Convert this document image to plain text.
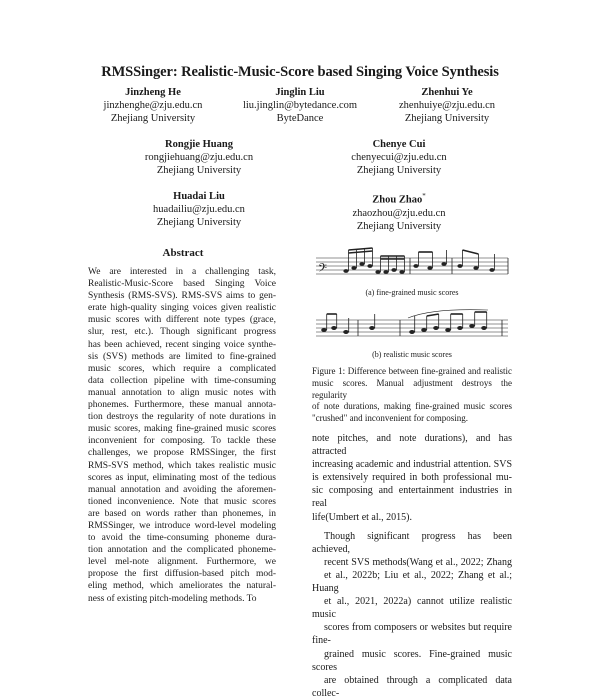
RMSSinger: Realistic-Music-Score based Singing Voice Synthesis
Jinzheng He
jinzhenghe@zju.edu.cn
Zhejiang University
Jinglin Liu
liu.jinglin@bytedance.com
ByteDance
Zhenhui Ye
zhenhuiye@zju.edu.cn
Zhejiang University
Rongjie Huang
rongjiehuang@zju.edu.cn
Zhejiang University
Chenye Cui
chenyecui@zju.edu.cn
Zhejiang University
Huadai Liu
huadailiu@zju.edu.cn
Zhejiang University
Zhou Zhao*
zhaozhou@zju.edu.cn
Zhejiang University
Abstract
We are interested in a challenging task,
Realistic-Music-Score based Singing Voice
Synthesis (RMS-SVS). RMS-SVS aims to gen-
erate high-quality singing voices given realistic
music scores with different note types (grace,
slur, rest, etc.). Though significant progress
has been achieved, recent singing voice synthe-
sis (SVS) methods are limited to fine-grained
music scores, which require a complicated
data collection pipeline with time-consuming
manual annotation to align music notes with
phonemes. Furthermore, these manual annota-
tion destroys the regularity of note durations in
music scores, making fine-grained music scores
inconvenient for composing. To tackle these
challenges, we propose RMSSinger, the first
RMS-SVS method, which takes realistic music
scores as input, eliminating most of the tedious
manual annotation and avoiding the aforemen-
tioned inconvenience. Note that music scores
are based on words rather than phonemes, in
RMSSinger, we introduce word-level modeling
to avoid the time-consuming phoneme dura-
tion annotation and the complicated phoneme-
level mel-note alignment. Furthermore, we
propose the first diffusion-based pitch mod-
eling method, which ameliorates the natural-
ness of existing pitch-modeling methods. To
𝄢
(a) fine-grained music scores
(b) realistic music scores
Figure 1: Difference between fine-grained and realistic
music scores. Manual adjustment destroys the regularity
of note durations, making fine-grained music scores
"crushed" and inconvenient for composing.

note pitches, and note durations), and has attracted
increasing academic and industrial attention. SVS
is extensively required in both professional mu-
sic composing and entertainment industries in real
life(Umbert et al., 2015).

Though significant progress has been achieved,
recent SVS methods(Wang et al., 2022; Zhang
et al., 2022b; Liu et al., 2022; Zhang et al.; Huang
et al., 2021, 2022a) cannot utilize realistic music
scores from composers or websites but require fine-
grained music scores. Fine-grained music scores
are obtained through a complicated data collec-
